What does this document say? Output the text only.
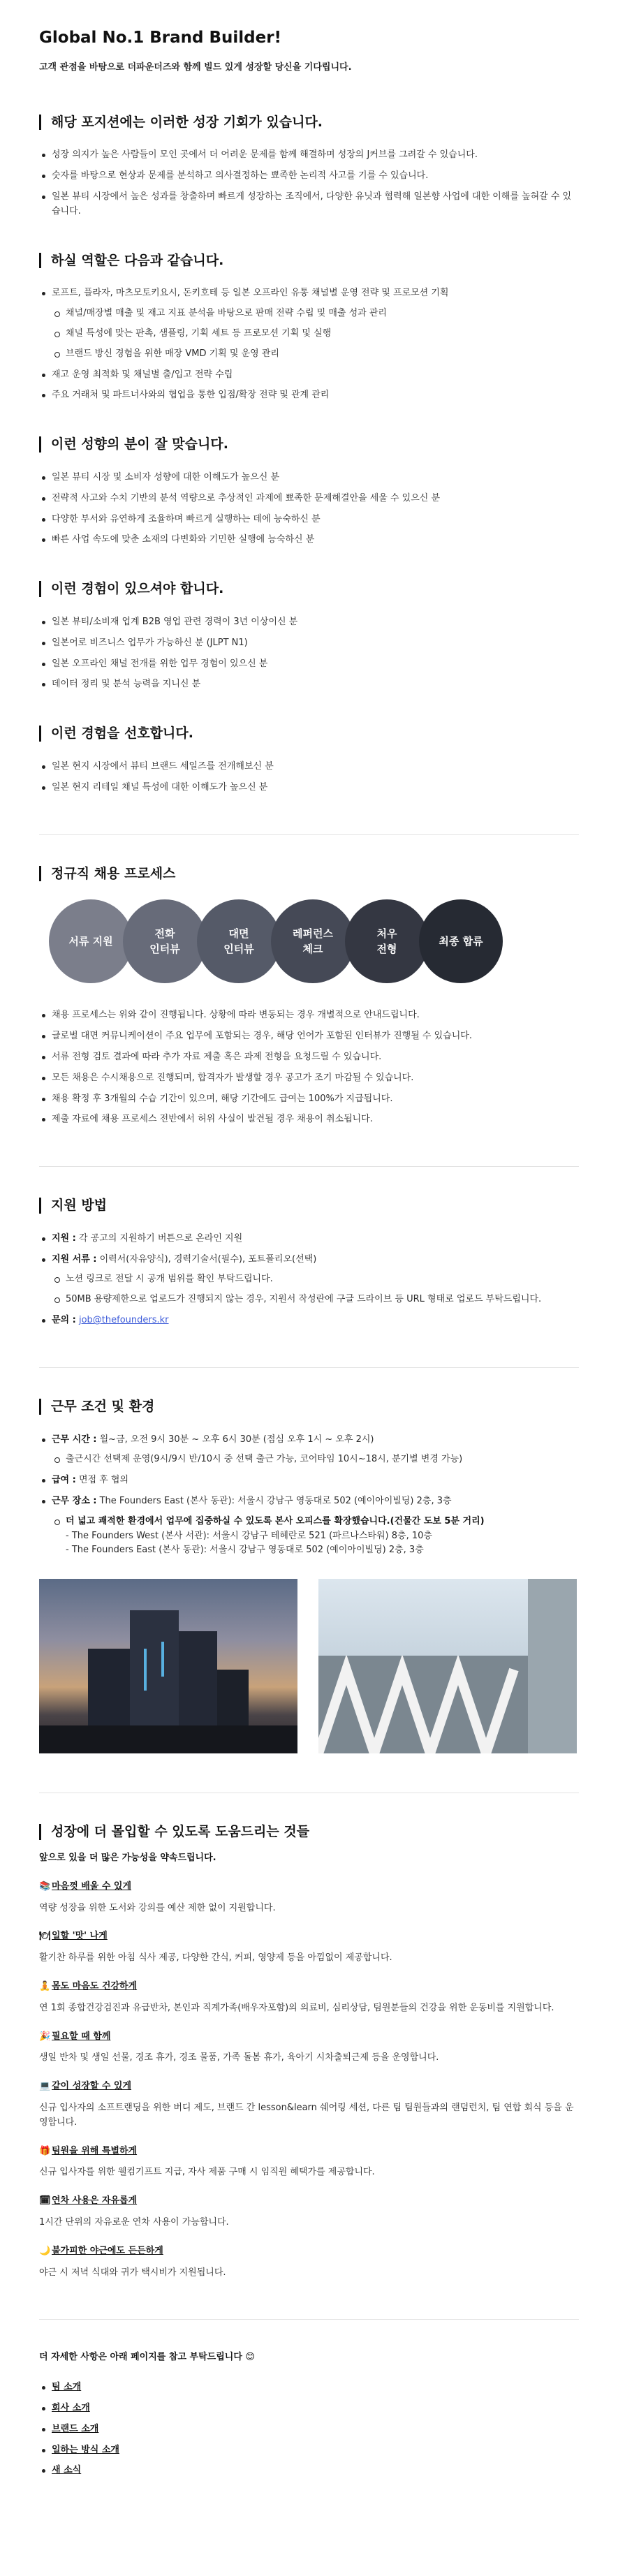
Global No.1 Brand Builder!
고객 관점을 바탕으로 더파운더즈와 함께 빌드 있게 성장할 당신을 기다립니다.
해당 포지션에는 이러한 성장 기회가 있습니다.
성장 의지가 높은 사람들이 모인 곳에서 더 어려운 문제를 함께 해결하며 성장의 J커브를 그려갈 수 있습니다.
숫자를 바탕으로 현상과 문제를 분석하고 의사결정하는 뾰족한 논리적 사고를 기를 수 있습니다.
일본 뷰티 시장에서 높은 성과를 창출하며 빠르게 성장하는 조직에서, 다양한 유닛과 협력해 일본향 사업에 대한 이해를 높혀갈 수 있습니다.
하실 역할은 다음과 같습니다.
로프트, 플라자, 마츠모토키요시, 돈키호테 등 일본 오프라인 유통 채널별 운영 전략 및 프로모션 기획
채널/매장별 매출 및 재고 지표 분석을 바탕으로 판매 전략 수립 및 매출 성과 관리
채널 특성에 맞는 판촉, 샘플링, 기획 세트 등 프로모션 기획 및 실행
브랜드 방신 경험을 위한 매장 VMD 기획 및 운영 관리
재고 운영 최적화 및 채널별 출/입고 전략 수립
주요 거래처 및 파트너사와의 협업을 통한 입점/확장 전략 및 관계 관리
이런 성향의 분이 잘 맞습니다.
일본 뷰티 시장 및 소비자 성향에 대한 이해도가 높으신 분
전략적 사고와 수치 기반의 분석 역량으로 추상적인 과제에 뾰족한 문제해결안을 세울 수 있으신 분
다양한 부서와 유연하게 조율하며 빠르게 실행하는 데에 능숙하신 분
빠른 사업 속도에 맞춘 소재의 다변화와 기민한 실행에 능숙하신 분
이런 경험이 있으셔야 합니다.
일본 뷰티/소비재 업계 B2B 영업 관련 경력이 3년 이상이신 분
일본어로 비즈니스 업무가 가능하신 분 (JLPT N1)
일본 오프라인 채널 전개를 위한 업무 경험이 있으신 분
데이터 정리 및 분석 능력을 지니신 분
이런 경험을 선호합니다.
일본 현지 시장에서 뷰티 브랜드 세일즈를 전개해보신 분
일본 현지 리테일 채널 특성에 대한 이해도가 높으신 분
정규직 채용 프로세스
서류 지원

전화
인터뷰
대면
인터뷰
레퍼런스
체크
처우
전형
최종 합류

채용 프로세스는 위와 같이 진행됩니다. 상황에 따라 변동되는 경우 개별적으로 안내드립니다.
글로벌 대면 커뮤니케이션이 주요 업무에 포함되는 경우, 해당 언어가 포함된 인터뷰가 진행될 수 있습니다.
서류 전형 검토 결과에 따라 추가 자료 제출 혹은 과제 전형을 요청드릴 수 있습니다.
모든 채용은 수시채용으로 진행되며, 합격자가 발생할 경우 공고가 조기 마감될 수 있습니다.
채용 확정 후 3개월의 수습 기간이 있으며, 해당 기간에도 급여는 100%가 지급됩니다.
제출 자료에 채용 프로세스 전반에서 허위 사실이 발견될 경우 채용이 취소됩니다.
지원 방법
지원 : 각 공고의 지원하기 버튼으로 온라인 지원
지원 서류 : 이력서(자유양식), 경력기술서(필수), 포트폴리오(선택)
노션 링크로 전달 시 공개 범위를 확인 부탁드립니다.
50MB 용량제한으로 업로드가 진행되지 않는 경우, 지원서 작성란에 구글 드라이브 등 URL 형태로 업로드 부탁드립니다.
문의 : job@thefounders.kr
근무 조건 및 환경
근무 시간 : 월~금, 오전 9시 30분 ~ 오후 6시 30분 (점심 오후 1시 ~ 오후 2시)
출근시간 선택제 운영(9시/9시 반/10시 중 선택 출근 가능, 코어타임 10시~18시, 분기별 변경 가능)
급여 : 면접 후 협의
근무 장소 : The Founders East (본사 동관): 서울시 강남구 영동대로 502 (예이아이빌딩) 2층, 3층
더 넓고 쾌적한 환경에서 업무에 집중하실 수 있도록 본사 오피스를 확장했습니다.(건물간 도보 5분 거리)
- The Founders West (본사 서관): 서울시 강남구 테헤란로 521 (파르나스타워) 8층, 10층
- The Founders East (본사 동관): 서울시 강남구 영동대로 502 (예이아이빌딩) 2층, 3층
성장에 더 몰입할 수 있도록 도움드리는 것들
앞으로 있을 더 많은 가능성을 약속드립니다.
📚 마음껏 배울 수 있게
역량 성장을 위한 도서와 강의를 예산 제한 없이 지원합니다.
🍽일할 '맛' 나게
활기찬 하루를 위한 아침 식사 제공, 다양한 간식, 커피, 영양제 등을 아낌없이 제공합니다.
🧘 몸도 마음도 건강하게
연 1회 종합건강검진과 유급반차, 본인과 직계가족(배우자포함)의 의료비, 심리상담, 팀원분들의 건강을 위한 운동비를 지원합니다.
🎉 필요할 때 함께
생일 반차 및 생일 선물, 경조 휴가, 경조 물품, 가족 돌봄 휴가, 육아기 시차출퇴근제 등을 운영합니다.
💻 같이 성장할 수 있게
신규 입사자의 소프트랜딩을 위한 버디 제도, 브랜드 간 lesson&learn 쉐어링 세션, 다른 팀 팀원들과의 랜덤런치, 팀 연합 회식 등을 운영합니다.
🎁 팀원을 위해 특별하게
신규 입사자를 위한 웰컴기프트 지급, 자사 제품 구매 시 임직원 혜택가를 제공합니다.
🗓연차 사용은 자유롭게
1시간 단위의 자유로운 연차 사용이 가능합니다.
🌙 불가피한 야근에도 든든하게
야근 시 저녁 식대와 귀가 택시비가 지원됩니다.
더 자세한 사항은 아래 페이지를 참고 부탁드립니다 😊
팀 소개
회사 소개
브랜드 소개
일하는 방식 소개
새 소식
